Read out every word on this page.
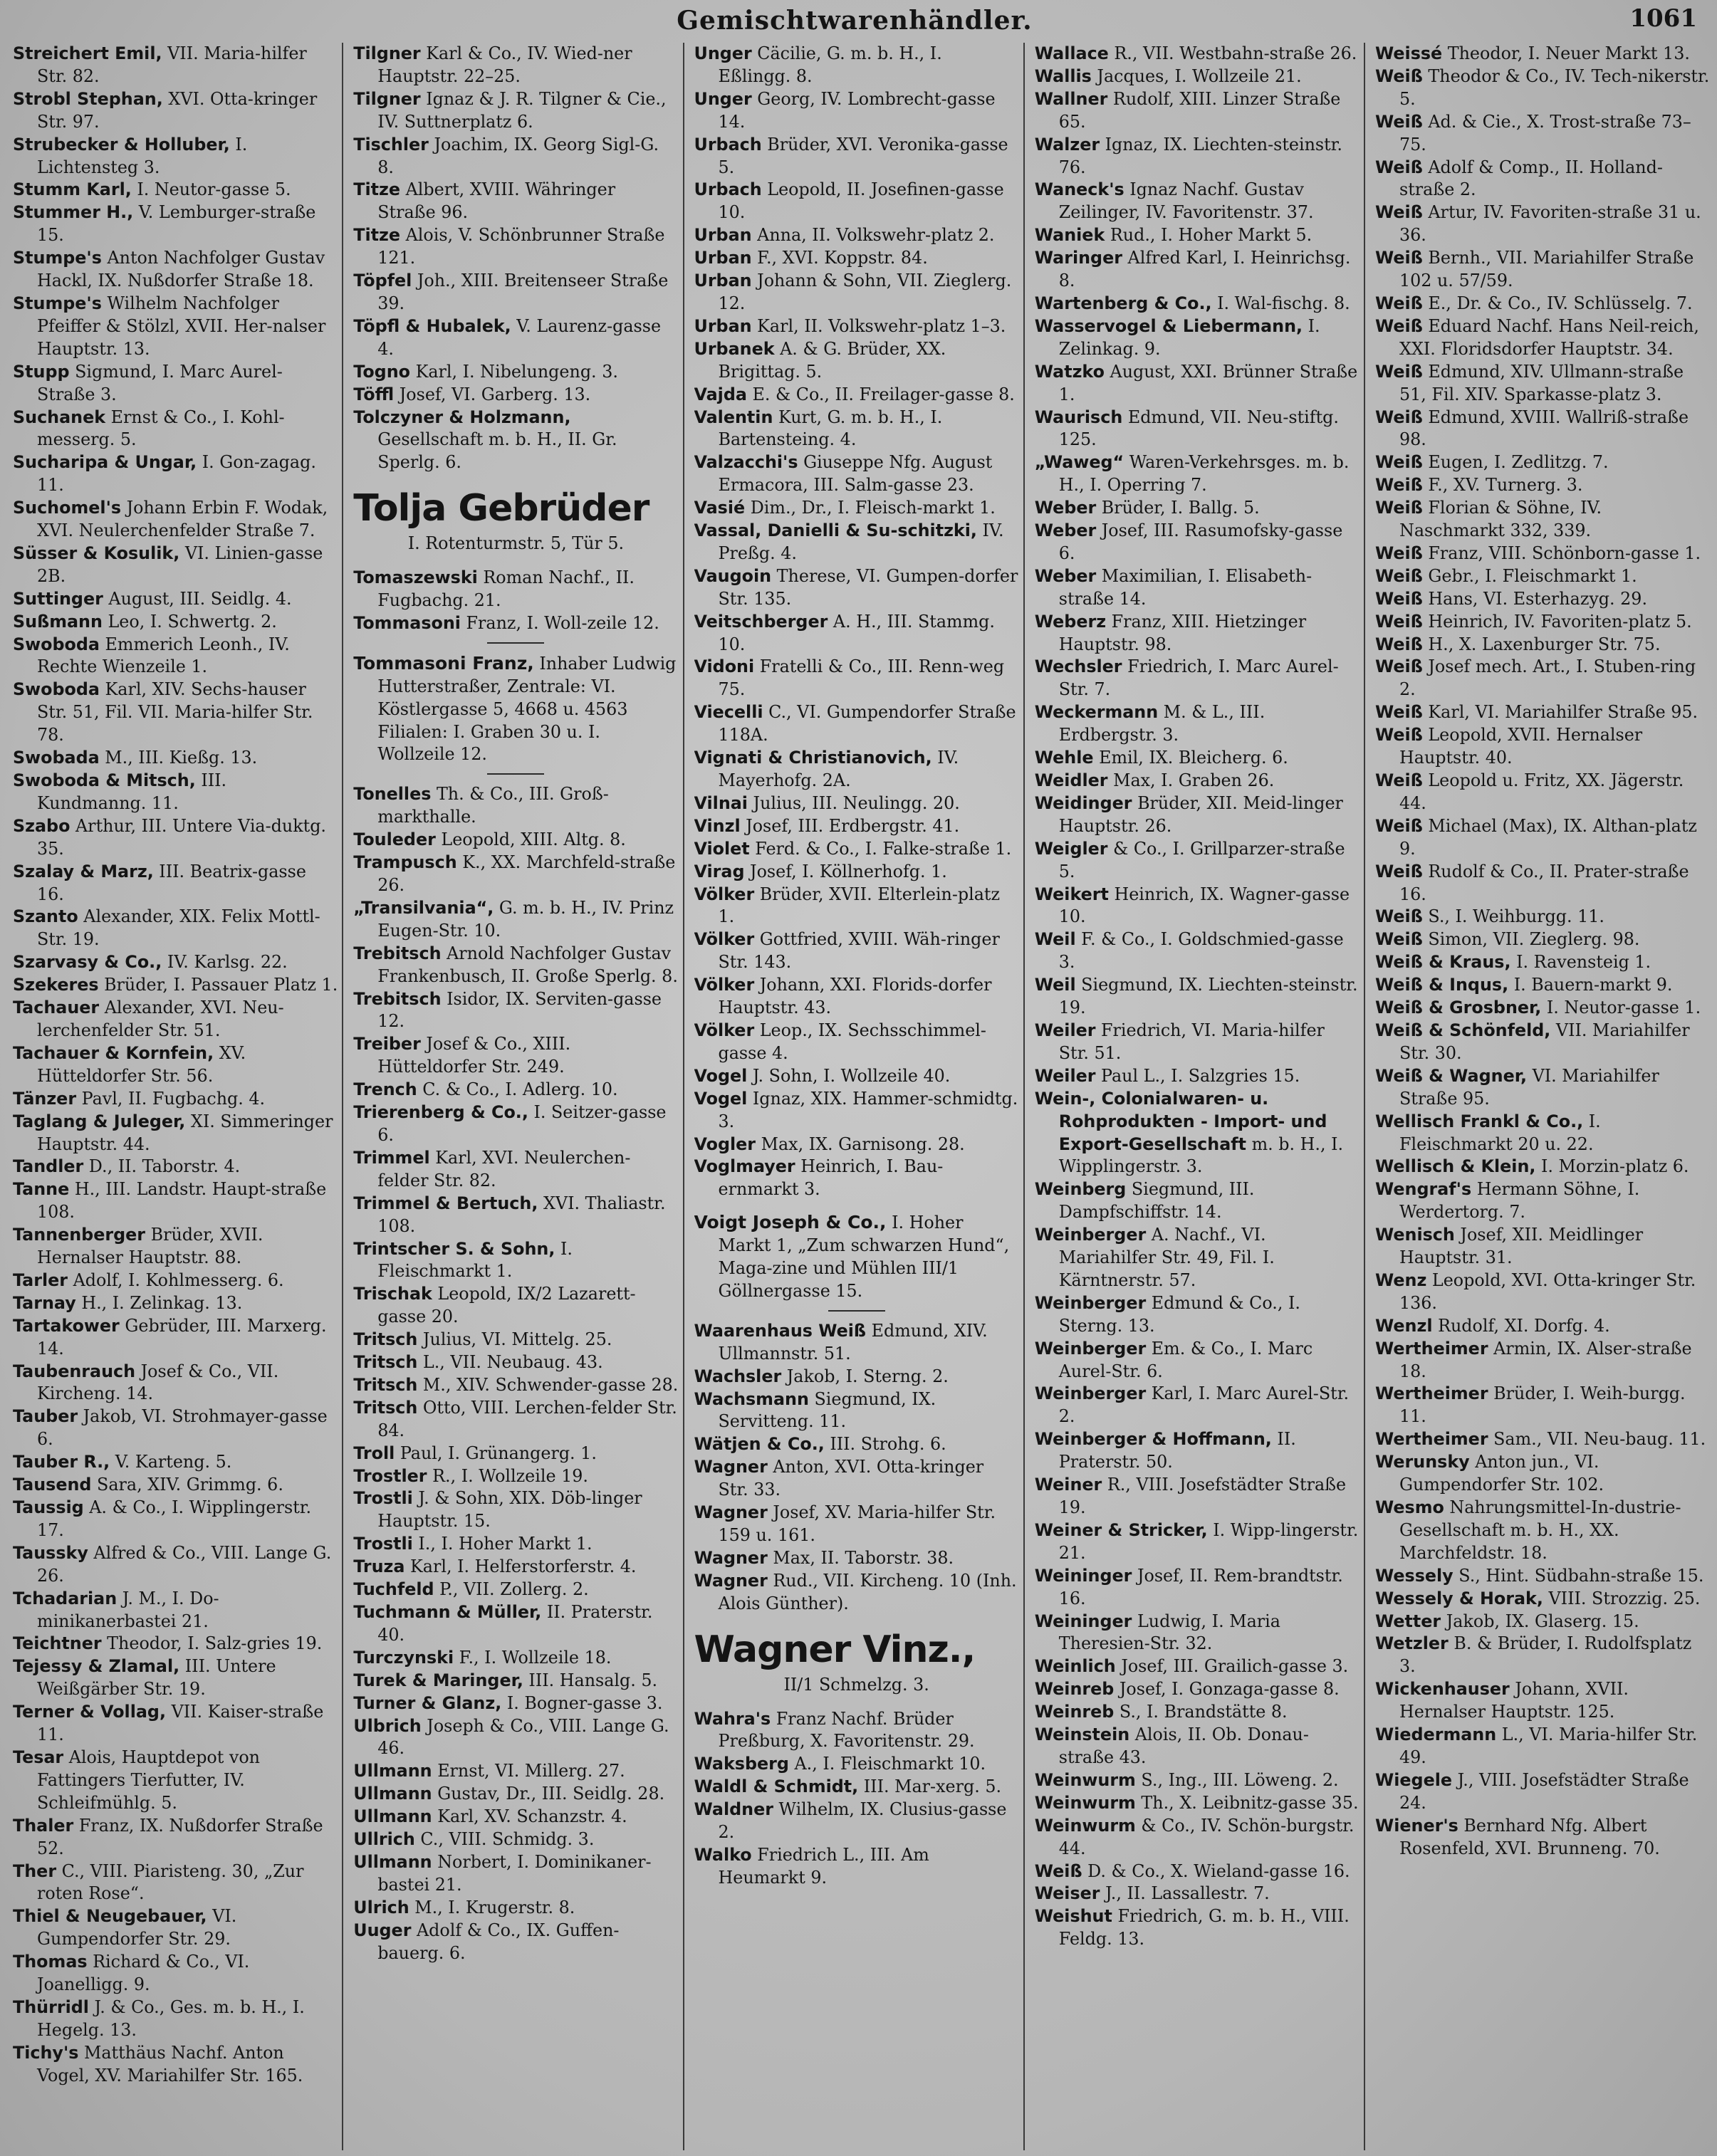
Gemischtwarenhändler.	1061
Streichert Emil, VII. Maria-hilfer Str. 82.
Strobl Stephan, XVI. Otta-kringer Str. 97.
Strubecker & Holluber, I. Lichtensteg 3.
Stumm Karl, I. Neutor-gasse 5.
Stummer H., V. Lemburger-straße 15.
Stumpe's Anton Nachfolger Gustav Hackl, IX. Nußdorfer Straße 18.
Stumpe's Wilhelm Nachfolger Pfeiffer & Stölzl, XVII. Her-nalser Hauptstr. 13.
Stupp Sigmund, I. Marc Aurel-Straße 3.
Suchanek Ernst & Co., I. Kohl-messerg. 5.
Sucharipa & Ungar, I. Gon-zagag. 11.
Suchomel's Johann Erbin F. Wodak, XVI. Neulerchenfelder Straße 7.
Süsser & Kosulik, VI. Linien-gasse 2B.
Suttinger August, III. Seidlg. 4.
Sußmann Leo, I. Schwertg. 2.
Swoboda Emmerich Leonh., IV. Rechte Wienzeile 1.
Swoboda Karl, XIV. Sechs-hauser Str. 51, Fil. VII. Maria-hilfer Str. 78.
Swobada M., III. Kießg. 13.
Swoboda & Mitsch, III. Kundmanng. 11.
Szabo Arthur, III. Untere Via-duktg. 35.
Szalay & Marz, III. Beatrix-gasse 16.
Szanto Alexander, XIX. Felix Mottl-Str. 19.
Szarvasy & Co., IV. Karlsg. 22.
Szekeres Brüder, I. Passauer Platz 1.
Tachauer Alexander, XVI. Neu-lerchenfelder Str. 51.
Tachauer & Kornfein, XV. Hütteldorfer Str. 56.
Tänzer Pavl, II. Fugbachg. 4.
Taglang & Juleger, XI. Simmeringer Hauptstr. 44.
Tandler D., II. Taborstr. 4.
Tanne H., III. Landstr. Haupt-straße 108.
Tannenberger Brüder, XVII. Hernalser Hauptstr. 88.
Tarler Adolf, I. Kohlmesserg. 6.
Tarnay H., I. Zelinkag. 13.
Tartakower Gebrüder, III. Marxerg. 14.
Taubenrauch Josef & Co., VII. Kircheng. 14.
Tauber Jakob, VI. Strohmayer-gasse 6.
Tauber R., V. Karteng. 5.
Tausend Sara, XIV. Grimmg. 6.
Taussig A. & Co., I. Wipplingerstr. 17.
Taussky Alfred & Co., VIII. Lange G. 26.
Tchadarian J. M., I. Do-minikanerbastei 21.
Teichtner Theodor, I. Salz-gries 19.
Tejessy & Zlamal, III. Untere Weißgärber Str. 19.
Terner & Vollag, VII. Kaiser-straße 11.
Tesar Alois, Hauptdepot von Fattingers Tierfutter, IV. Schleifmühlg. 5.
Thaler Franz, IX. Nußdorfer Straße 52.
Ther C., VIII. Piaristeng. 30, „Zur roten Rose“.
Thiel & Neugebauer, VI. Gumpendorfer Str. 29.
Thomas Richard & Co., VI. Joanelligg. 9.
Thürridl J. & Co., Ges. m. b. H., I. Hegelg. 13.
Tichy's Matthäus Nachf. Anton Vogel, XV. Mariahilfer Str. 165.
Tilgner Karl & Co., IV. Wied-ner Hauptstr. 22–25.
Tilgner Ignaz & J. R. Tilgner & Cie., IV. Suttnerplatz 6.
Tischler Joachim, IX. Georg Sigl-G. 8.
Titze Albert, XVIII. Währinger Straße 96.
Titze Alois, V. Schönbrunner Straße 121.
Töpfel Joh., XIII. Breitenseer Straße 39.
Töpfl & Hubalek, V. Laurenz-gasse 4.
Togno Karl, I. Nibelungeng. 3.
Töffl Josef, VI. Garberg. 13.
Tolczyner & Holzmann, Gesellschaft m. b. H., II. Gr. Sperlg. 6.
Tolja Gebrüder
I. Rotenturmstr. 5, Tür 5.
Tomaszewski Roman Nachf., II. Fugbachg. 21.
Tommasoni Franz, I. Woll-zeile 12.
Tommasoni Franz, Inhaber Ludwig Hutterstraßer, Zentrale: VI. Köstlergasse 5, 4668 u. 4563 Filialen: I. Graben 30 u. I. Wollzeile 12.
Tonelles Th. & Co., III. Groß-markthalle.
Touleder Leopold, XIII. Altg. 8.
Trampusch K., XX. Marchfeld-straße 26.
„Transilvania“, G. m. b. H., IV. Prinz Eugen-Str. 10.
Trebitsch Arnold Nachfolger Gustav Frankenbusch, II. Große Sperlg. 8.
Trebitsch Isidor, IX. Serviten-gasse 12.
Treiber Josef & Co., XIII. Hütteldorfer Str. 249.
Trench C. & Co., I. Adlerg. 10.
Trierenberg & Co., I. Seitzer-gasse 6.
Trimmel Karl, XVI. Neulerchen-felder Str. 82.
Trimmel & Bertuch, XVI. Thaliastr. 108.
Trintscher S. & Sohn, I. Fleischmarkt 1.
Trischak Leopold, IX/2 Lazarett-gasse 20.
Tritsch Julius, VI. Mittelg. 25.
Tritsch L., VII. Neubaug. 43.
Tritsch M., XIV. Schwender-gasse 28.
Tritsch Otto, VIII. Lerchen-felder Str. 84.
Troll Paul, I. Grünangerg. 1.
Trostler R., I. Wollzeile 19.
Trostli J. & Sohn, XIX. Döb-linger Hauptstr. 15.
Trostli I., I. Hoher Markt 1.
Truza Karl, I. Helferstorferstr. 4.
Tuchfeld P., VII. Zollerg. 2.
Tuchmann & Müller, II. Praterstr. 40.
Turczynski F., I. Wollzeile 18.
Turek & Maringer, III. Hansalg. 5.
Turner & Glanz, I. Bogner-gasse 3.
Ulbrich Joseph & Co., VIII. Lange G. 46.
Ullmann Ernst, VI. Millerg. 27.
Ullmann Gustav, Dr., III. Seidlg. 28.
Ullmann Karl, XV. Schanzstr. 4.
Ullrich C., VIII. Schmidg. 3.
Ullmann Norbert, I. Dominikaner-bastei 21.
Ulrich M., I. Krugerstr. 8.
Uuger Adolf & Co., IX. Guffen-bauerg. 6.
Unger Cäcilie, G. m. b. H., I. Eßlingg. 8.
Unger Georg, IV. Lombrecht-gasse 14.
Urbach Brüder, XVI. Veronika-gasse 5.
Urbach Leopold, II. Josefinen-gasse 10.
Urban Anna, II. Volkswehr-platz 2.
Urban F., XVI. Koppstr. 84.
Urban Johann & Sohn, VII. Zieglerg. 12.
Urban Karl, II. Volkswehr-platz 1–3.
Urbanek A. & G. Brüder, XX. Brigittag. 5.
Vajda E. & Co., II. Freilager-gasse 8.
Valentin Kurt, G. m. b. H., I. Bartensteing. 4.
Valzacchi's Giuseppe Nfg. August Ermacora, III. Salm-gasse 23.
Vasié Dim., Dr., I. Fleisch-markt 1.
Vassal, Danielli & Su-schitzki, IV. Preßg. 4.
Vaugoin Therese, VI. Gumpen-dorfer Str. 135.
Veitschberger A. H., III. Stammg. 10.
Vidoni Fratelli & Co., III. Renn-weg 75.
Viecelli C., VI. Gumpendorfer Straße 118A.
Vignati & Christianovich, IV. Mayerhofg. 2A.
Vilnai Julius, III. Neulingg. 20.
Vinzl Josef, III. Erdbergstr. 41.
Violet Ferd. & Co., I. Falke-straße 1.
Virag Josef, I. Köllnerhofg. 1.
Völker Brüder, XVII. Elterlein-platz 1.
Völker Gottfried, XVIII. Wäh-ringer Str. 143.
Völker Johann, XXI. Florids-dorfer Hauptstr. 43.
Völker Leop., IX. Sechsschimmel-gasse 4.
Vogel J. Sohn, I. Wollzeile 40.
Vogel Ignaz, XIX. Hammer-schmidtg. 3.
Vogler Max, IX. Garnisong. 28.
Voglmayer Heinrich, I. Bau-ernmarkt 3.
Voigt Joseph & Co., I. Hoher Markt 1, „Zum schwarzen Hund“, Maga-zine und Mühlen III/1 Göllnergasse 15.
Waarenhaus Weiß Edmund, XIV. Ullmannstr. 51.
Wachsler Jakob, I. Sterng. 2.
Wachsmann Siegmund, IX. Servitteng. 11.
Wätjen & Co., III. Strohg. 6.
Wagner Anton, XVI. Otta-kringer Str. 33.
Wagner Josef, XV. Maria-hilfer Str. 159 u. 161.
Wagner Max, II. Taborstr. 38.
Wagner Rud., VII. Kircheng. 10 (Inh. Alois Günther).
Wagner Vinz.,
II/1 Schmelzg. 3.
Wahra's Franz Nachf. Brüder Preßburg, X. Favoritenstr. 29.
Waksberg A., I. Fleischmarkt 10.
Waldl & Schmidt, III. Mar-xerg. 5.
Waldner Wilhelm, IX. Clusius-gasse 2.
Walko Friedrich L., III. Am Heumarkt 9.
Wallace R., VII. Westbahn-straße 26.
Wallis Jacques, I. Wollzeile 21.
Wallner Rudolf, XIII. Linzer Straße 65.
Walzer Ignaz, IX. Liechten-steinstr. 76.
Waneck's Ignaz Nachf. Gustav Zeilinger, IV. Favoritenstr. 37.
Waniek Rud., I. Hoher Markt 5.
Waringer Alfred Karl, I. Heinrichsg. 8.
Wartenberg & Co., I. Wal-fischg. 8.
Wasservogel & Liebermann, I. Zelinkag. 9.
Watzko August, XXI. Brünner Straße 1.
Waurisch Edmund, VII. Neu-stiftg. 125.
„Waweg“ Waren-Verkehrsges. m. b. H., I. Operring 7.
Weber Brüder, I. Ballg. 5.
Weber Josef, III. Rasumofsky-gasse 6.
Weber Maximilian, I. Elisabeth-straße 14.
Weberz Franz, XIII. Hietzinger Hauptstr. 98.
Wechsler Friedrich, I. Marc Aurel-Str. 7.
Weckermann M. & L., III. Erdbergstr. 3.
Wehle Emil, IX. Bleicherg. 6.
Weidler Max, I. Graben 26.
Weidinger Brüder, XII. Meid-linger Hauptstr. 26.
Weigler & Co., I. Grillparzer-straße 5.
Weikert Heinrich, IX. Wagner-gasse 10.
Weil F. & Co., I. Goldschmied-gasse 3.
Weil Siegmund, IX. Liechten-steinstr. 19.
Weiler Friedrich, VI. Maria-hilfer Str. 51.
Weiler Paul L., I. Salzgries 15.
Wein-, Colonialwaren- u. Rohprodukten - Import- und Export-Gesellschaft m. b. H., I. Wipplingerstr. 3.
Weinberg Siegmund, III. Dampfschiffstr. 14.
Weinberger A. Nachf., VI. Mariahilfer Str. 49, Fil. I. Kärntnerstr. 57.
Weinberger Edmund & Co., I. Sterng. 13.
Weinberger Em. & Co., I. Marc Aurel-Str. 6.
Weinberger Karl, I. Marc Aurel-Str. 2.
Weinberger & Hoffmann, II. Praterstr. 50.
Weiner R., VIII. Josefstädter Straße 19.
Weiner & Stricker, I. Wipp-lingerstr. 21.
Weininger Josef, II. Rem-brandtstr. 16.
Weininger Ludwig, I. Maria Theresien-Str. 32.
Weinlich Josef, III. Grailich-gasse 3.
Weinreb Josef, I. Gonzaga-gasse 8.
Weinreb S., I. Brandstätte 8.
Weinstein Alois, II. Ob. Donau-straße 43.
Weinwurm S., Ing., III. Löweng. 2.
Weinwurm Th., X. Leibnitz-gasse 35.
Weinwurm & Co., IV. Schön-burgstr. 44.
Weiß D. & Co., X. Wieland-gasse 16.
Weiser J., II. Lassallestr. 7.
Weishut Friedrich, G. m. b. H., VIII. Feldg. 13.
Weissé Theodor, I. Neuer Markt 13.
Weiß Theodor & Co., IV. Tech-nikerstr. 5.
Weiß Ad. & Cie., X. Trost-straße 73–75.
Weiß Adolf & Comp., II. Holland-straße 2.
Weiß Artur, IV. Favoriten-straße 31 u. 36.
Weiß Bernh., VII. Mariahilfer Straße 102 u. 57/59.
Weiß E., Dr. & Co., IV. Schlüsselg. 7.
Weiß Eduard Nachf. Hans Neil-reich, XXI. Floridsdorfer Hauptstr. 34.
Weiß Edmund, XIV. Ullmann-straße 51, Fil. XIV. Sparkasse-platz 3.
Weiß Edmund, XVIII. Wallriß-straße 98.
Weiß Eugen, I. Zedlitzg. 7.
Weiß F., XV. Turnerg. 3.
Weiß Florian & Söhne, IV. Naschmarkt 332, 339.
Weiß Franz, VIII. Schönborn-gasse 1.
Weiß Gebr., I. Fleischmarkt 1.
Weiß Hans, VI. Esterhazyg. 29.
Weiß Heinrich, IV. Favoriten-platz 5.
Weiß H., X. Laxenburger Str. 75.
Weiß Josef mech. Art., I. Stuben-ring 2.
Weiß Karl, VI. Mariahilfer Straße 95.
Weiß Leopold, XVII. Hernalser Hauptstr. 40.
Weiß Leopold u. Fritz, XX. Jägerstr. 44.
Weiß Michael (Max), IX. Althan-platz 9.
Weiß Rudolf & Co., II. Prater-straße 16.
Weiß S., I. Weihburgg. 11.
Weiß Simon, VII. Zieglerg. 98.
Weiß & Kraus, I. Ravensteig 1.
Weiß & Inqus, I. Bauern-markt 9.
Weiß & Grosbner, I. Neutor-gasse 1.
Weiß & Schönfeld, VII. Mariahilfer Str. 30.
Weiß & Wagner, VI. Mariahilfer Straße 95.
Wellisch Frankl & Co., I. Fleischmarkt 20 u. 22.
Wellisch & Klein, I. Morzin-platz 6.
Wengraf's Hermann Söhne, I. Werdertorg. 7.
Wenisch Josef, XII. Meidlinger Hauptstr. 31.
Wenz Leopold, XVI. Otta-kringer Str. 136.
Wenzl Rudolf, XI. Dorfg. 4.
Wertheimer Armin, IX. Alser-straße 18.
Wertheimer Brüder, I. Weih-burgg. 11.
Wertheimer Sam., VII. Neu-baug. 11.
Werunsky Anton jun., VI. Gumpendorfer Str. 102.
Wesmo Nahrungsmittel-In-dustrie-Gesellschaft m. b. H., XX. Marchfeldstr. 18.
Wessely S., Hint. Südbahn-straße 15.
Wessely & Horak, VIII. Strozzig. 25.
Wetter Jakob, IX. Glaserg. 15.
Wetzler B. & Brüder, I. Rudolfsplatz 3.
Wickenhauser Johann, XVII. Hernalser Hauptstr. 125.
Wiedermann L., VI. Maria-hilfer Str. 49.
Wiegele J., VIII. Josefstädter Straße 24.
Wiener's Bernhard Nfg. Albert Rosenfeld, XVI. Brunneng. 70.
